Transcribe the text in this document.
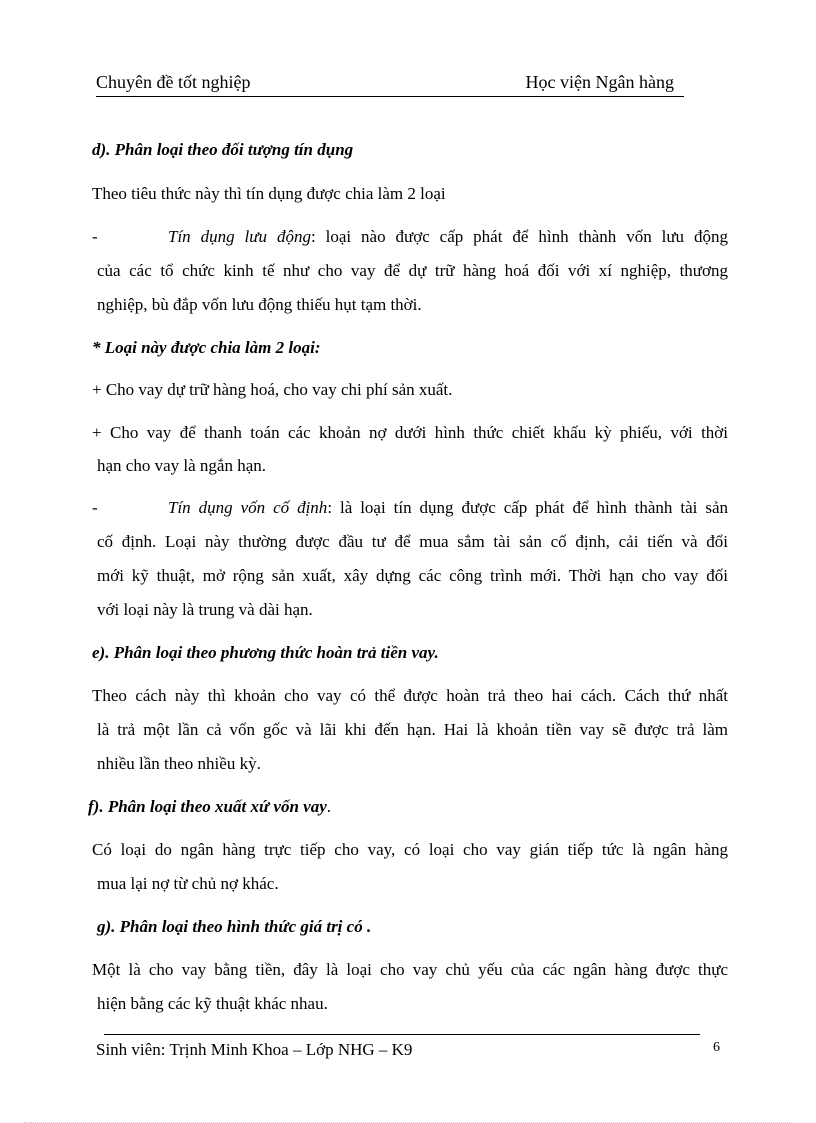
Chuyên đề tốt nghiệp	Học viện Ngân hàng
d). Phân loại theo đối tượng tín dụng
Theo tiêu thức này thì tín dụng được chia làm 2 loại
-	Tín dụng lưu động: loại nào được cấp phát để hình thành vốn lưu động
của các tổ chức kinh tế như cho vay để dự trữ hàng hoá đối với xí nghiệp, thương
nghiệp, bù đắp vốn lưu động thiếu hụt tạm thời.
* Loại này được chia làm 2 loại:
+ Cho vay dự trữ hàng hoá, cho vay chi phí sản xuất.
+ Cho vay để thanh toán các khoản nợ dưới hình thức chiết khấu kỳ phiếu, với thời
hạn cho vay là ngắn hạn.
-	Tín dụng vốn cố định: là loại tín dụng được cấp phát để hình thành tài sản
cố định. Loại này thường được đầu tư để mua sắm tài sản cố định, cải tiến và đổi
mới kỹ thuật, mở rộng sản xuất, xây dựng các công trình mới. Thời hạn cho vay đối
với loại này là trung và dài hạn.
e). Phân loại theo phương thức hoàn trả tiền vay.
Theo cách này thì khoản cho vay có thể được hoàn trả theo hai cách. Cách thứ nhất
là trả một lần cả vốn gốc và lãi khi đến hạn. Hai là khoản tiền vay sẽ được trả làm
nhiều lần theo nhiều kỳ.
f). Phân loại theo xuất xứ vốn vay.
Có loại do ngân hàng trực tiếp cho vay, có loại cho vay gián tiếp tức là ngân hàng
mua lại nợ từ chủ nợ khác.
g). Phân loại theo hình thức giá trị có .
Một là cho vay bằng tiền, đây là loại cho vay chủ yếu của các ngân hàng được thực
hiện bằng các kỹ thuật khác nhau.
Sinh viên: Trịnh Minh Khoa – Lớp NHG – K9	6
